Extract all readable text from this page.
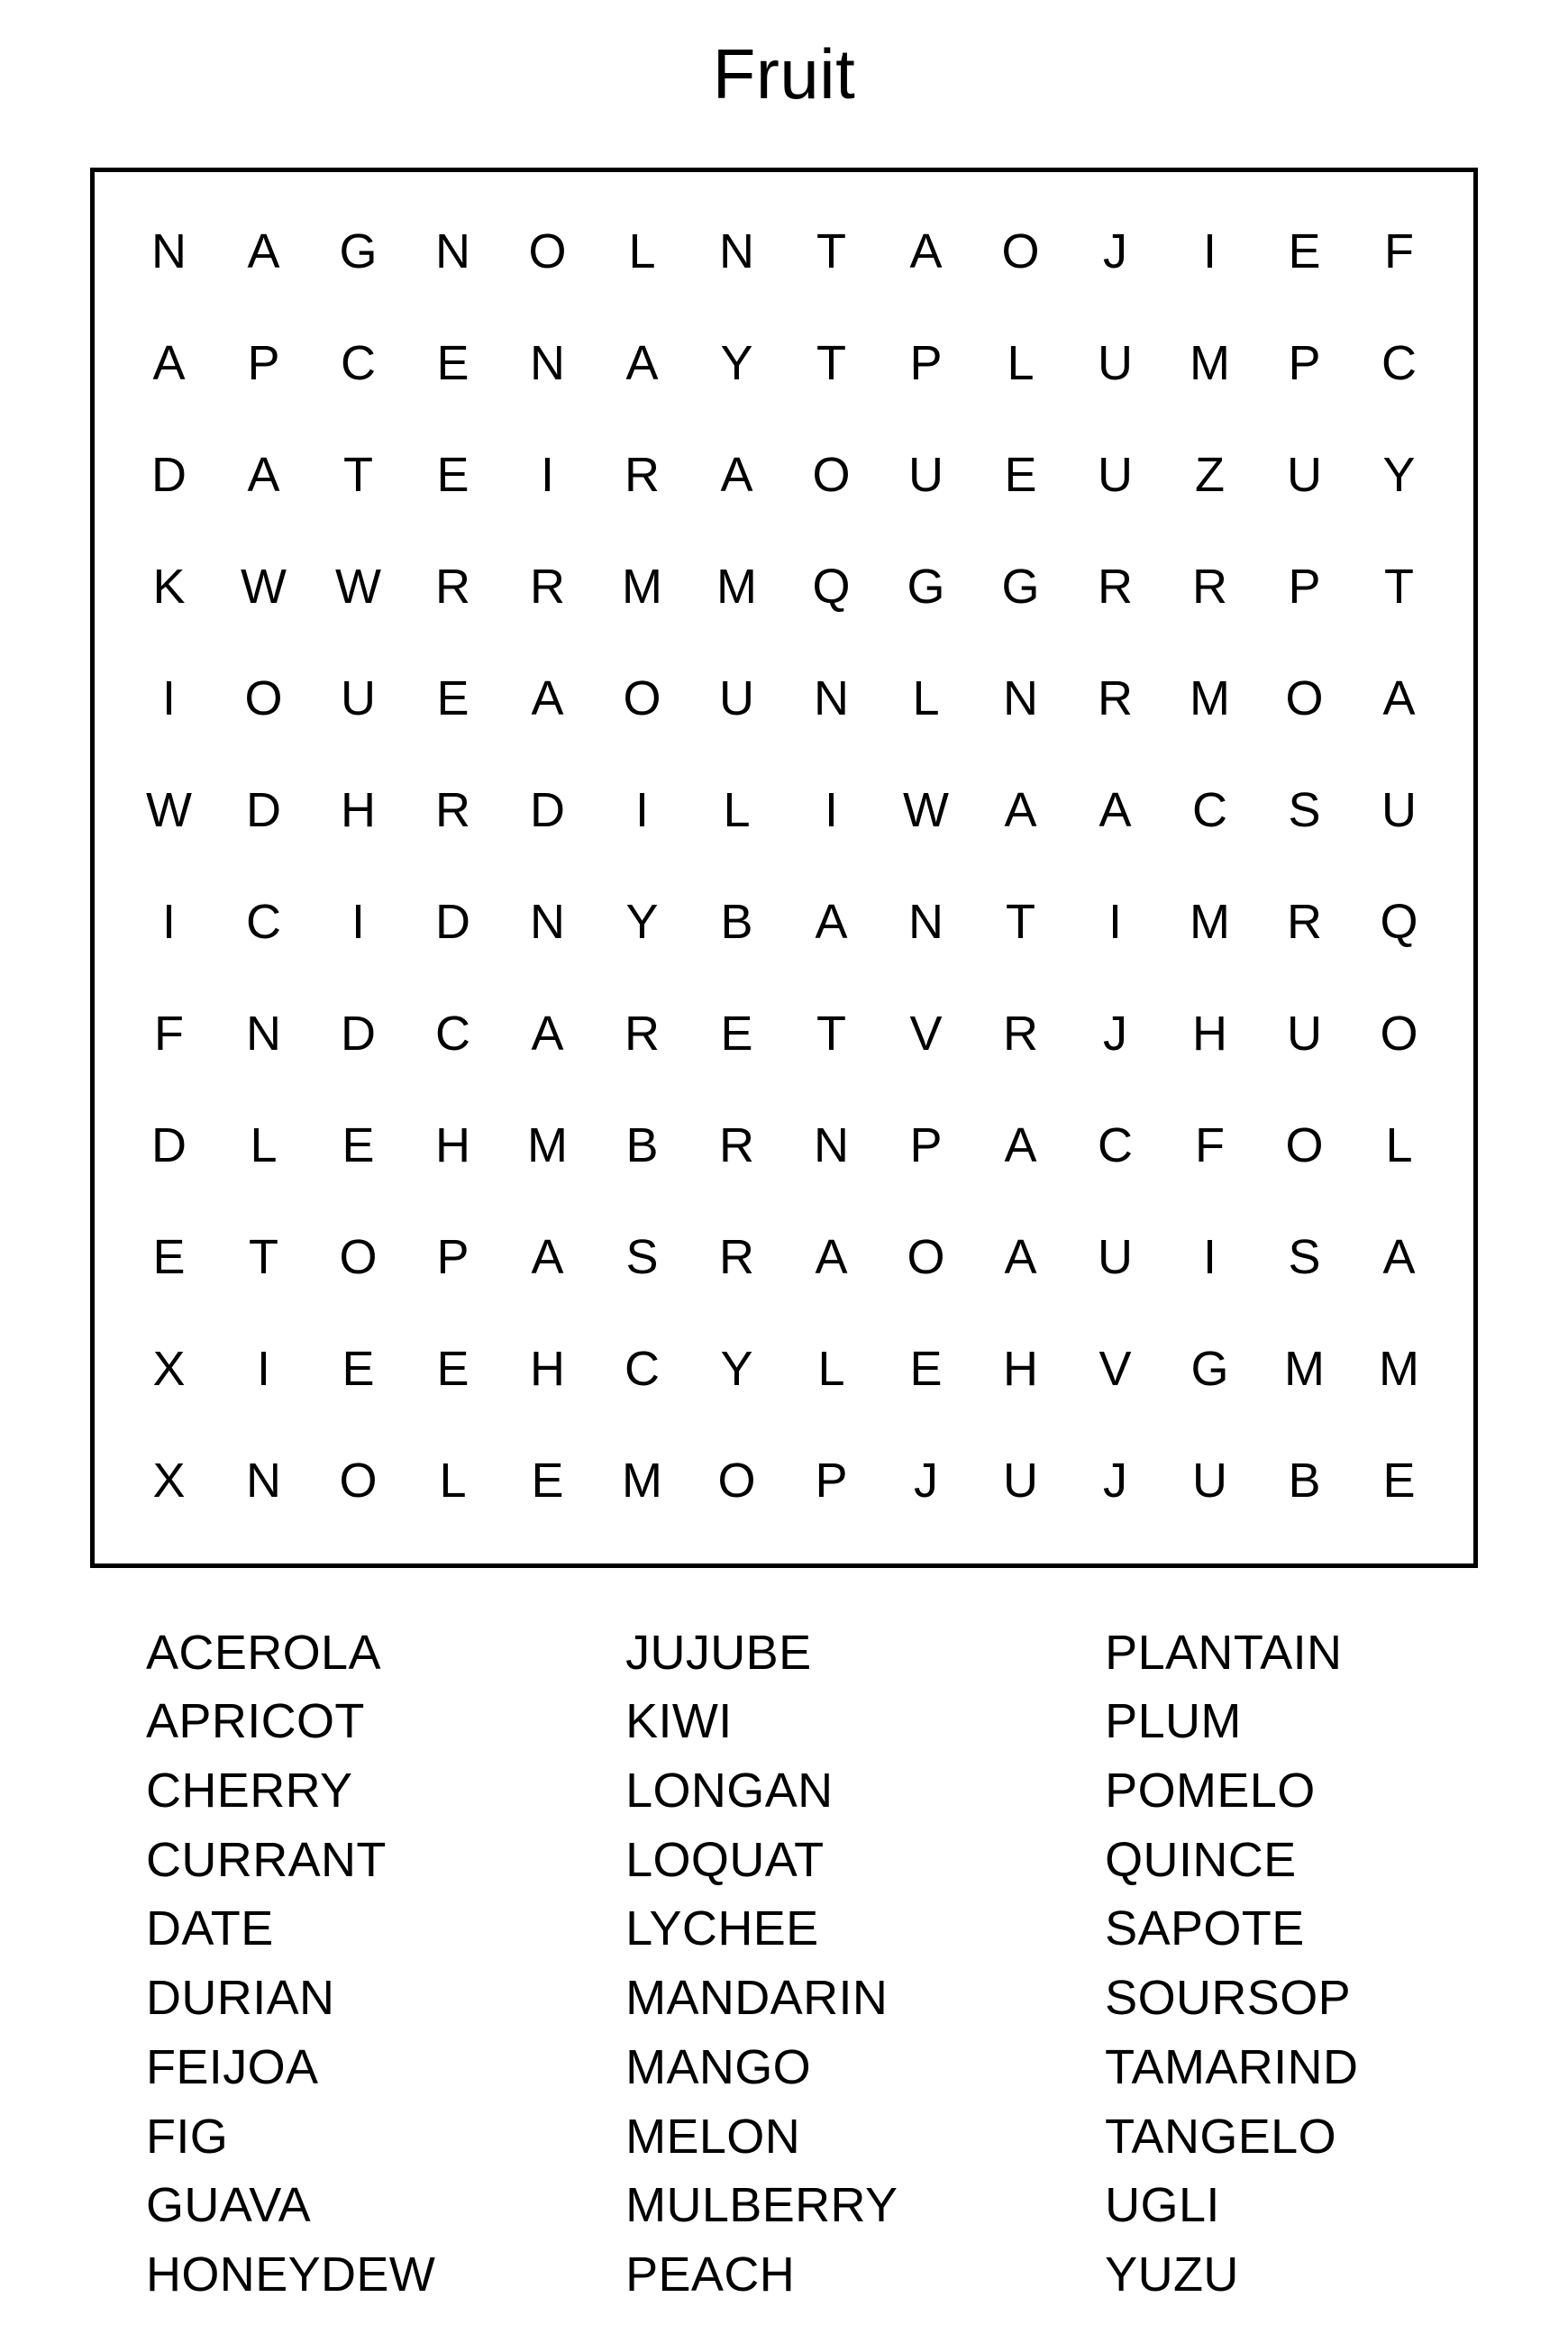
Fruit
N	A	G	N	O	L	N	T	A	O	J	I	E	F
A	P	C	E	N	A	Y	T	P	L	U	M	P	C
D	A	T	E	I	R	A	O	U	E	U	Z	U	Y
K	W	W	R	R	M	M	Q	G	G	R	R	P	T
I	O	U	E	A	O	U	N	L	N	R	M	O	A
W	D	H	R	D	I	L	I	W	A	A	C	S	U
I	C	I	D	N	Y	B	A	N	T	I	M	R	Q
F	N	D	C	A	R	E	T	V	R	J	H	U	O
D	L	E	H	M	B	R	N	P	A	C	F	O	L
E	T	O	P	A	S	R	A	O	A	U	I	S	A
X	I	E	E	H	C	Y	L	E	H	V	G	M	M
X	N	O	L	E	M	O	P	J	U	J	U	B	E
ACEROLA
APRICOT
CHERRY
CURRANT
DATE
DURIAN
FEIJOA
FIG
GUAVA
HONEYDEW
JUJUBE
KIWI
LONGAN
LOQUAT
LYCHEE
MANDARIN
MANGO
MELON
MULBERRY
PEACH
PLANTAIN
PLUM
POMELO
QUINCE
SAPOTE
SOURSOP
TAMARIND
TANGELO
UGLI
YUZU
